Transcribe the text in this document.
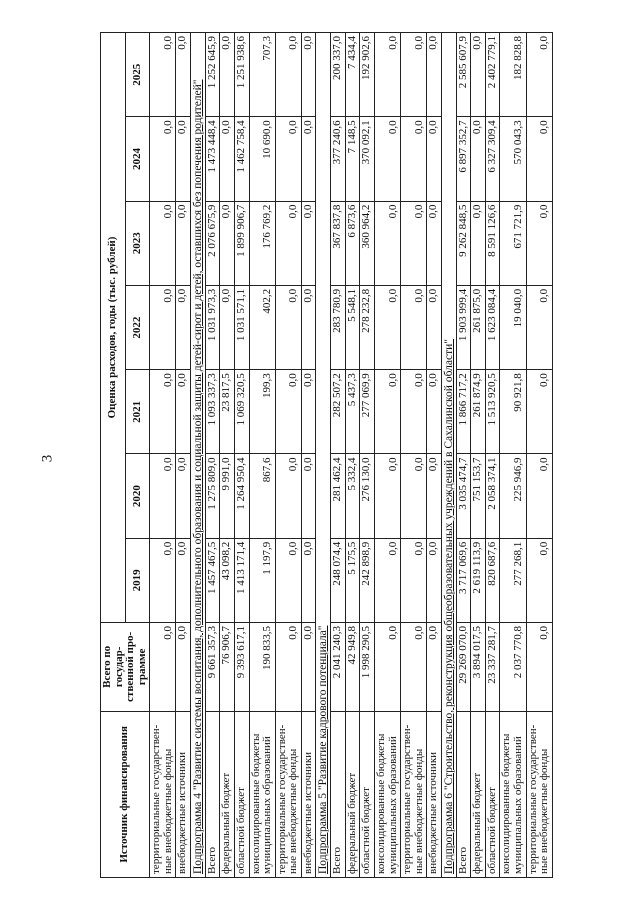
3
Источник финансирования	Всего по государ-ственной про-грамме	Оценка расходов, годы (тыс. рублей)						
		2019	2020	2021	2022	2023	2024	2025
территориальные государствен-ные внебюджетные фонды	0,0	0,0	0,0	0,0	0,0	0,0	0,0	0,0
внебюджетные источники	0,0	0,0	0,0	0,0	0,0	0,0	0,0	0,0
Подпрограмма 4 "Развитие системы воспитания, дополнительного образования и социальной защиты детей-сирот и детей, оставшихся без попечения родителей"								
Всего	9 661 357,3	1 457 467,5	1 275 809,0	1 093 337,3	1 031 973,3	2 076 675,9	1 473 448,4	1 252 645,9
федеральный бюджет	76 906,7	43 098,2	9 991,0	23 817,5	0,0	0,0	0,0	0,0
областной бюджет	9 393 617,1	1 413 171,4	1 264 950,4	1 069 320,5	1 031 571,1	1 899 906,7	1 462 758,4	1 251 938,6
консолидированные бюджеты муниципальных образований	190 833,5	1 197,9	867,6	199,3	402,2	176 769,2	10 690,0	707,3
территориальные государствен-ные внебюджетные фонды	0,0	0,0	0,0	0,0	0,0	0,0	0,0	0,0
внебюджетные источники	0,0	0,0	0,0	0,0	0,0	0,0	0,0	0,0
Подпрограмма 5 "Развитие кадрового потенциала"								
Всего	2 041 240,3	248 074,4	281 462,4	282 507,2	283 780,9	367 837,8	377 240,6	200 337,0
федеральный бюджет	42 949,8	5 175,5	5 332,4	5 437,3	5 548,1	6 873,6	7 148,5	7 434,4
областной бюджет	1 998 290,5	242 898,9	276 130,0	277 069,9	278 232,8	360 964,2	370 092,1	192 902,6
консолидированные бюджеты муниципальных образований	0,0	0,0	0,0	0,0	0,0	0,0	0,0	0,0
территориальные государствен-ные внебюджетные фонды	0,0	0,0	0,0	0,0	0,0	0,0	0,0	0,0
внебюджетные источники	0,0	0,0	0,0	0,0	0,0	0,0	0,0	0,0
Подпрограмма 6 "Строительство, реконструкция общеобразовательных учреждений в Сахалинской области"								
Всего	29 269 070,0	3 717 069,6	3 035 474,7	1 866 717,2	1 903 999,4	9 262 848,5	6 897 352,7	2 585 607,9
федеральный бюджет	3 894 017,5	2 619 113,9	751 153,7	261 874,9	261 875,0	0,0	0,0	0,0
областной бюджет	23 337 281,7	820 687,6	2 058 374,1	1 513 920,5	1 623 084,4	8 591 126,6	6 327 309,4	2 402 779,1
консолидированные бюджеты муниципальных образований	2 037 770,8	277 268,1	225 946,9	90 921,8	19 040,0	671 721,9	570 043,3	182 828,8
территориальные государствен-ные внебюджетные фонды	0,0	0,0	0,0	0,0	0,0	0,0	0,0	0,0
